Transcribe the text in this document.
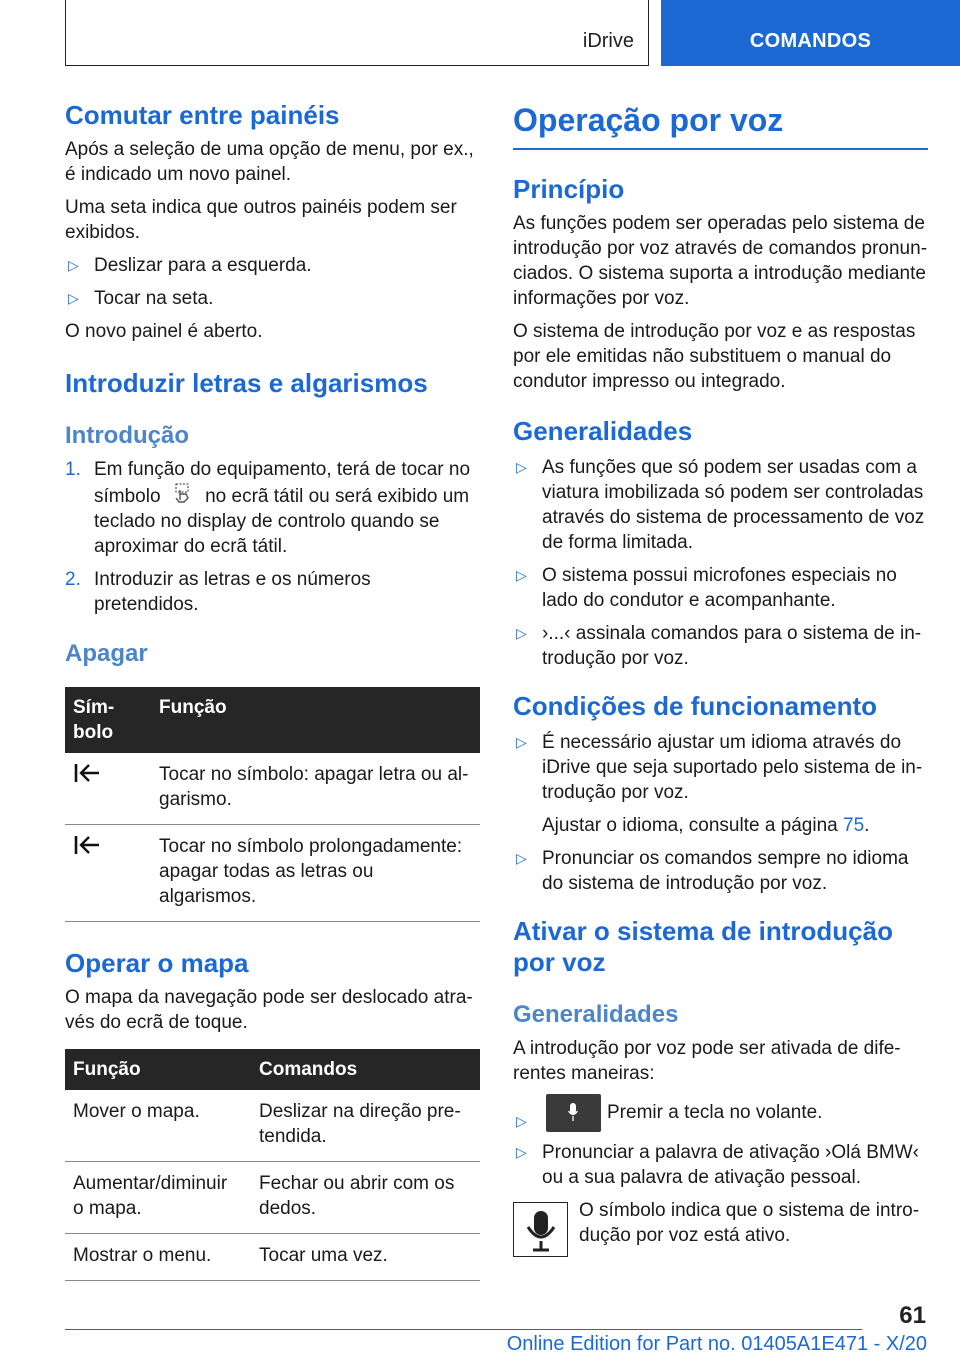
iDrive	COMANDOS
Comutar entre painéis

Após a seleção de uma opção de menu, por ex., é indicado um novo painel.

Uma seta indica que outros painéis podem ser exibidos.

▷ Deslizar para a esquerda.
▷ Tocar na seta.

O novo painel é aberto.

Introduzir letras e algarismos
Introdução
1. Em função do equipamento, terá de tocar no símbolo no ecrã tátil ou será exibido um teclado no display de controlo quando se aproximar do ecrã tátil.
2. Introduzir as letras e os números pretendidos.
Apagar
Sím-bolo	Função
	Tocar no símbolo: apagar letra ou al-garismo.
	Tocar no símbolo prolongadamente: apagar todas as letras ou algarismos.
Operar o mapa

O mapa da navegação pode ser deslocado atra-vés do ecrã de toque.

Função	Comandos
Mover o mapa.	Deslizar na direção pre-tendida.
Aumentar/diminuir o mapa.	Fechar ou abrir com os dedos.
Mostrar o menu.	Tocar uma vez.
Operação por voz
Princípio

As funções podem ser operadas pelo sistema de introdução por voz através de comandos pronun-ciados. O sistema suporta a introdução mediante informações por voz.

O sistema de introdução por voz e as respostas por ele emitidas não substituem o manual do condutor impresso ou integrado.

Generalidades
▷ As funções que só podem ser usadas com a viatura imobilizada só podem ser controladas através do sistema de processamento de voz de forma limitada.
▷ O sistema possui microfones especiais no lado do condutor e acompanhante.
▷ ›...‹ assinala comandos para o sistema de in-trodução por voz.
Condições de funcionamento
▷ É necessário ajustar um idioma através do iDrive que seja suportado pelo sistema de in-trodução por voz.
Ajustar o idioma, consulte a página 75.
▷ Pronunciar os comandos sempre no idioma do sistema de introdução por voz.
Ativar o sistema de introdução por voz
Generalidades

A introdução por voz pode ser ativada de dife-rentes maneiras:

▷	Premir a tecla no volante.
▷ Pronunciar a palavra de ativação ›Olá BMW‹ ou a sua palavra de ativação pessoal.

O símbolo indica que o sistema de intro-dução por voz está ativo.

61
Online Edition for Part no. 01405A1E471 - X/20
